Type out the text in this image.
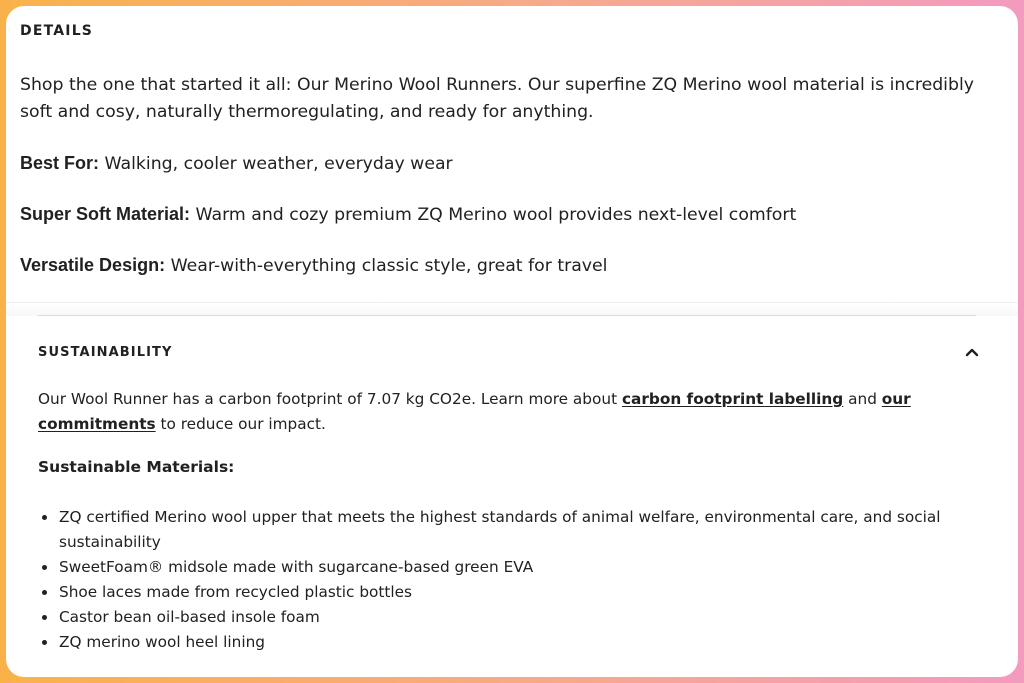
DETAILS

Shop the one that started it all: Our Merino Wool Runners. Our superfine ZQ Merino wool material is incredibly soft and cosy, naturally thermoregulating, and ready for anything.

Best For: Walking, cooler weather, everyday wear

Super Soft Material: Warm and cozy premium ZQ Merino wool provides next-level comfort

Versatile Design: Wear-with-everything classic style, great for travel

SUSTAINABILITY

Our Wool Runner has a carbon footprint of 7.07 kg CO2e. Learn more about carbon footprint labelling and our commitments to reduce our impact.

Sustainable Materials:
ZQ certified Merino wool upper that meets the highest standards of animal welfare, environmental care, and social sustainability
SweetFoam® midsole made with sugarcane-based green EVA
Shoe laces made from recycled plastic bottles
Castor bean oil-based insole foam
ZQ merino wool heel lining
